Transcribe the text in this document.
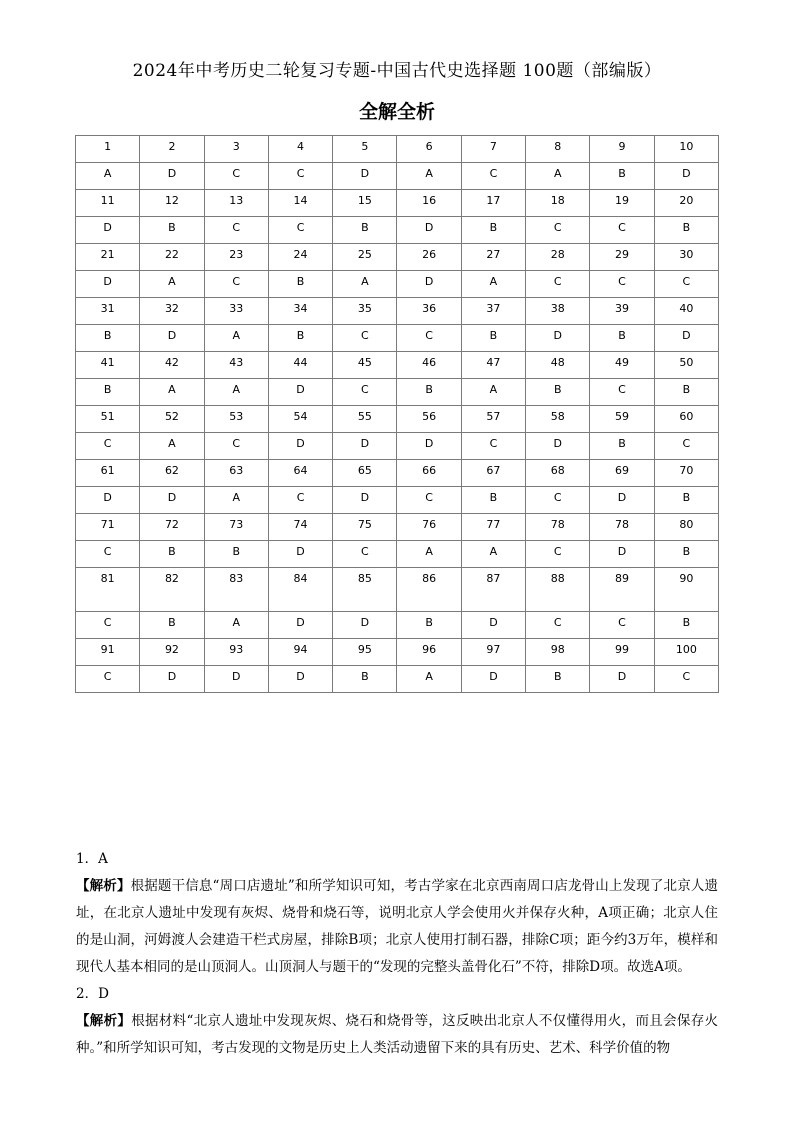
2024年中考历史二轮复习专题-中国古代史选择题 100题（部编版）
全解全析
1	2	3	4	5	6	7	8	9	10
A	D	C	C	D	A	C	A	B	D
11	12	13	14	15	16	17	18	19	20
D	B	C	C	B	D	B	C	C	B
21	22	23	24	25	26	27	28	29	30
D	A	C	B	A	D	A	C	C	C
31	32	33	34	35	36	37	38	39	40
B	D	A	B	C	C	B	D	B	D
41	42	43	44	45	46	47	48	49	50
B	A	A	D	C	B	A	B	C	B
51	52	53	54	55	56	57	58	59	60
C	A	C	D	D	D	C	D	B	C
61	62	63	64	65	66	67	68	69	70
D	D	A	C	D	C	B	C	D	B
71	72	73	74	75	76	77	78	78	80
C	B	B	D	C	A	A	C	D	B
81	82	83	84	85	86	87	88	89	90
C	B	A	D	D	B	D	C	C	B
91	92	93	94	95	96	97	98	99	100
C	D	D	D	B	A	D	B	D	C

1．A

【解析】根据题干信息“周口店遗址”和所学知识可知，考古学家在北京西南周口店龙骨山上发现了北京人遗址，在北京人遗址中发现有灰烬、烧骨和烧石等，说明北京人学会使用火并保存火种，A项正确；北京人住的是山洞，河姆渡人会建造干栏式房屋，排除B项；北京人使用打制石器，排除C项；距今约3万年，模样和现代人基本相同的是山顶洞人。山顶洞人与题干的“发现的完整头盖骨化石”不符，排除D项。故选A项。

2．D

【解析】根据材料“北京人遗址中发现灰烬、烧石和烧骨等，这反映出北京人不仅懂得用火，而且会保存火种。”和所学知识可知，考古发现的文物是历史上人类活动遗留下来的具有历史、艺术、科学价值的物
